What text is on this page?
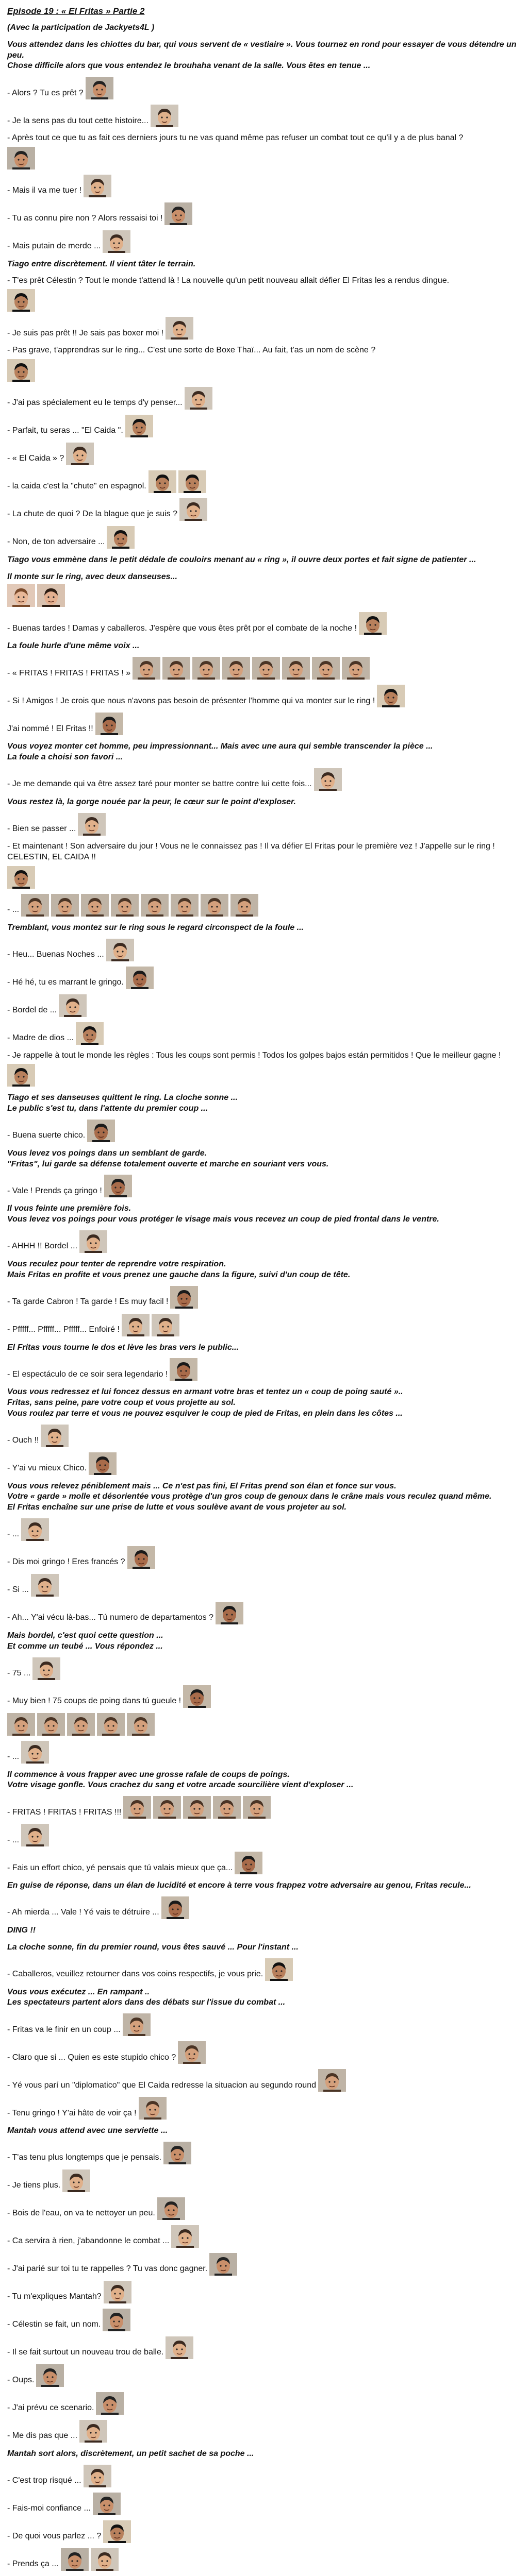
Episode 19 : « El Fritas » Partie 2
(Avec la participation de Jackyets4L )
Vous attendez dans les chiottes du bar, qui vous servent de « vestiaire ». Vous tournez en rond pour essayer de vous détendre un peu.
Chose difficile alors que vous entendez le brouhaha venant de la salle. Vous êtes en tenue ...
- Alors ? Tu es prêt ?
- Je la sens pas du tout cette histoire...
- Après tout ce que tu as fait ces derniers jours tu ne vas quand même pas refuser un combat tout ce qu'il y a de plus banal ?
- Mais il va me tuer !
- Tu as connu pire non ? Alors ressaisi toi !
- Mais putain de merde ...
Tiago entre discrètement. Il vient tâter le terrain.
- T'es prêt Célestin ? Tout le monde t'attend là ! La nouvelle qu'un petit nouveau allait défier El Fritas les a rendus dingue.
- Je suis pas prêt !! Je sais pas boxer moi !
- Pas grave, t'apprendras sur le ring... C'est une sorte de Boxe Thaï... Au fait, t'as un nom de scène ?
- J'ai pas spécialement eu le temps d'y penser...
- Parfait, tu seras ... "El Caida ".
- « El Caida » ?
- la caida c'est la "chute" en espagnol.
- La chute de quoi ? De la blague que je suis ?
- Non, de ton adversaire ...
Tiago vous emmène dans le petit dédale de couloirs menant au « ring », il ouvre deux portes et fait signe de patienter ...
Il monte sur le ring, avec deux danseuses...
- Buenas tardes ! Damas y caballeros. J'espère que vous êtes prêt por el combate de la noche !
La foule hurle d'une même voix ...
- « FRITAS ! FRITAS ! FRITAS ! »
- Si ! Amigos ! Je crois que nous n'avons pas besoin de présenter l'homme qui va monter sur le ring !
J'ai nommé ! El Fritas !!
Vous voyez monter cet homme, peu impressionnant... Mais avec une aura qui semble transcender la pièce ...
La foule a choisi son favori ...
- Je me demande qui va être assez taré pour monter se battre contre lui cette fois...
Vous restez là, la gorge nouée par la peur, le cœur sur le point d'exploser.
- Bien se passer ...
- Et maintenant ! Son adversaire du jour ! Vous ne le connaissez pas ! Il va défier El Fritas pour le première vez ! J'appelle sur le ring ! CELESTIN, EL CAIDA !!
- ...
Tremblant, vous montez sur le ring sous le regard circonspect de la foule ...
- Heu... Buenas Noches ...
- Hé hé, tu es marrant le gringo.
- Bordel de ...
- Madre de dios ...
- Je rappelle à tout le monde les règles : Tous les coups sont permis ! Todos los golpes bajos están permitidos ! Que le meilleur gagne !
Tiago et ses danseuses quittent le ring. La cloche sonne ...
Le public s'est tu, dans l'attente du premier coup ...
- Buena suerte chico.
Vous levez vos poings dans un semblant de garde.
"Fritas", lui garde sa défense totalement ouverte et marche en souriant vers vous.
- Vale ! Prends ça gringo !
Il vous feinte une première fois.
Vous levez vos poings pour vous protéger le visage mais vous recevez un coup de pied frontal dans le ventre.
- AHHH !! Bordel ...
Vous reculez pour tenter de reprendre votre respiration.
Mais Fritas en profite et vous prenez une gauche dans la figure, suivi d'un coup de tête.
- Ta garde Cabron ! Ta garde ! Es muy facil !
- Pfffff... Pfffff... Pfffff... Enfoiré !
El Fritas vous tourne le dos et lève les bras vers le public...
- El espectáculo de ce soir sera legendario !
Vous vous redressez et lui foncez dessus en armant votre bras et tentez un « coup de poing sauté »..
Fritas, sans peine, pare votre coup et vous projette au sol.
Vous roulez par terre et vous ne pouvez esquiver le coup de pied de Fritas, en plein dans les côtes ...
- Ouch !!
- Y'ai vu mieux Chico.
Vous vous relevez péniblement mais ... Ce n'est pas fini, El Fritas prend son élan et fonce sur vous.
Votre « garde » molle et désorientée vous protège d'un gros coup de genoux dans le crâne mais vous reculez quand même.
El Fritas enchaîne sur une prise de lutte et vous soulève avant de vous projeter au sol.
- ...
- Dis moi gringo ! Eres francés ?
- Si ...
- Ah... Y'ai vécu là-bas... Tú numero de departamentos ?
Mais bordel, c'est quoi cette question ...
Et comme un teubé ... Vous répondez ...
- 75 ...
- Muy bien ! 75 coups de poing dans tú gueule !
- ...
Il commence à vous frapper avec une grosse rafale de coups de poings.
Votre visage gonfle. Vous crachez du sang et votre arcade sourcilière vient d'exploser ...
- FRITAS ! FRITAS ! FRITAS !!!
- ...
- Fais un effort chico, yé pensais que tú valais mieux que ça...
En guise de réponse, dans un élan de lucidité et encore à terre vous frappez votre adversaire au genou, Fritas recule...
- Ah mierda ... Vale ! Yé vais te détruire ...
DING !!
La cloche sonne, fin du premier round, vous êtes sauvé ... Pour l'instant ...
- Caballeros, veuillez retourner dans vos coins respectifs, je vous prie.
Vous vous exécutez ... En rampant ..
Les spectateurs partent alors dans des débats sur l'issue du combat ...
- Fritas va le finir en un coup ...
- Claro que si ... Quien es este stupido chico ?
- Yé vous parí un "diplomatico" que El Caida redresse la situacion au segundo round
- Tenu gringo ! Y'ai hâte de voir ça !
Mantah vous attend avec une serviette ...
- T'as tenu plus longtemps que je pensais.
- Je tiens plus.
- Bois de l'eau, on va te nettoyer un peu.
- Ca servira à rien, j'abandonne le combat ...
- J'ai parié sur toi tu te rappelles ? Tu vas donc gagner.
- Tu m'expliques Mantah?
- Célestin se fait, un nom.
- Il se fait surtout un nouveau trou de balle.
- Oups.
- J'ai prévu ce scenario.
- Me dis pas que ...
Mantah sort alors, discrètement, un petit sachet de sa poche ...
- C'est trop risqué ...
- Fais-moi confiance ...
- De quoi vous parlez ... ?
- Prends ça ...
